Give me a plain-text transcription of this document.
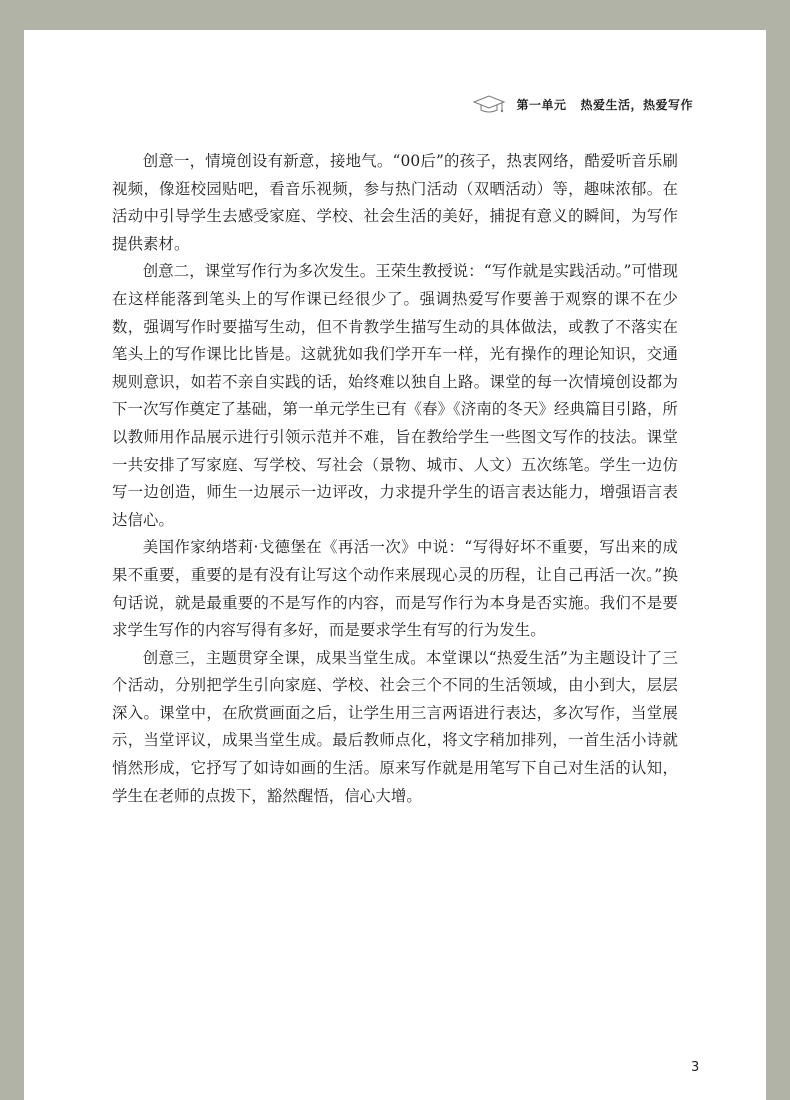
第一单元 热爱生活，热爱写作

创意一，情境创设有新意，接地气。“00后”的孩子，热衷网络，酷爱听音乐刷视频，像逛校园贴吧，看音乐视频，参与热门活动（双晒活动）等，趣味浓郁。在活动中引导学生去感受家庭、学校、社会生活的美好，捕捉有意义的瞬间，为写作提供素材。

创意二，课堂写作行为多次发生。王荣生教授说：“写作就是实践活动。”可惜现在这样能落到笔头上的写作课已经很少了。强调热爱写作要善于观察的课不在少数，强调写作时要描写生动，但不肯教学生描写生动的具体做法，或教了不落实在笔头上的写作课比比皆是。这就犹如我们学开车一样，光有操作的理论知识，交通规则意识，如若不亲自实践的话，始终难以独自上路。课堂的每一次情境创设都为下一次写作奠定了基础，第一单元学生已有《春》《济南的冬天》经典篇目引路，所以教师用作品展示进行引领示范并不难，旨在教给学生一些图文写作的技法。课堂一共安排了写家庭、写学校、写社会（景物、城市、人文）五次练笔。学生一边仿写一边创造，师生一边展示一边评改，力求提升学生的语言表达能力，增强语言表达信心。

美国作家纳塔莉·戈德堡在《再活一次》中说：“写得好坏不重要，写出来的成果不重要，重要的是有没有让写这个动作来展现心灵的历程，让自己再活一次。”换句话说，就是最重要的不是写作的内容，而是写作行为本身是否实施。我们不是要求学生写作的内容写得有多好，而是要求学生有写的行为发生。

创意三，主题贯穿全课，成果当堂生成。本堂课以“热爱生活”为主题设计了三个活动，分别把学生引向家庭、学校、社会三个不同的生活领域，由小到大，层层深入。课堂中，在欣赏画面之后，让学生用三言两语进行表达，多次写作，当堂展示，当堂评议，成果当堂生成。最后教师点化，将文字稍加排列，一首生活小诗就悄然形成，它抒写了如诗如画的生活。原来写作就是用笔写下自己对生活的认知，学生在老师的点拨下，豁然醒悟，信心大增。

3
